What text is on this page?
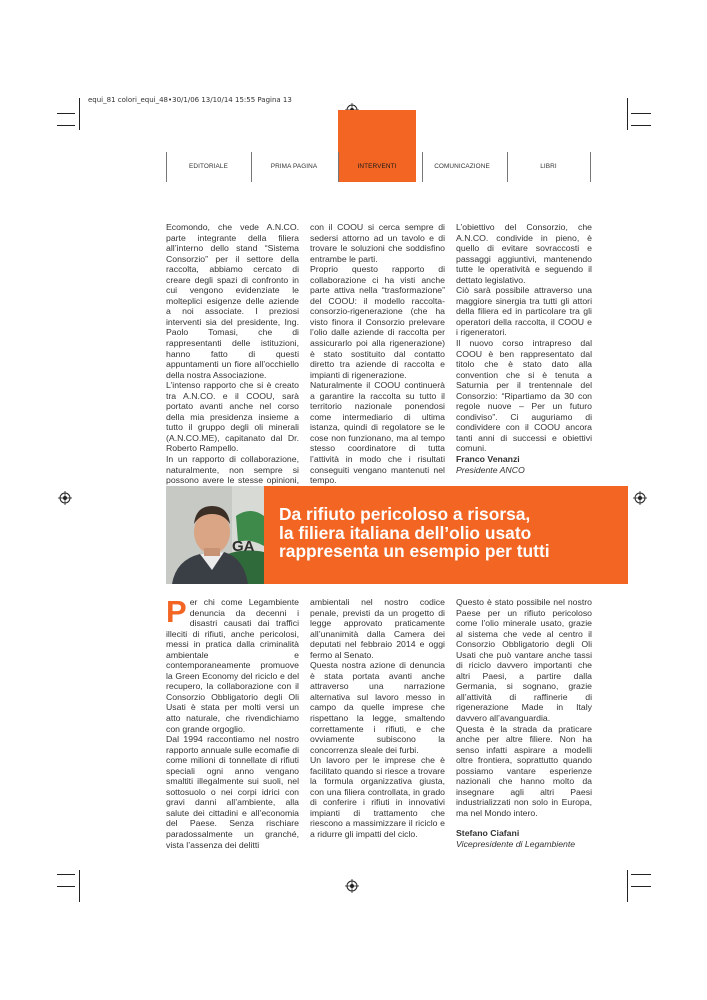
equi_81 colori_equi_48•30/1/06 13/10/14 15:55 Pagina 13
EDITORIALE	PRIMA PAGINA	INTERVENTI	COMUNICAZIONE	LIBRI

Ecomondo, che vede A.N.CO. parte integrante della filiera all’interno dello stand “Sistema Consorzio” per il settore della raccolta, abbiamo cercato di creare degli spazi di confronto in cui vengono evidenziate le molteplici esigenze delle aziende a noi associate. I preziosi interventi sia del presidente, Ing. Paolo Tomasi, che di rappresentanti delle istituzioni, hanno fatto di questi appuntamenti un fiore all’occhiello della nostra Associazione.

L’intenso rapporto che si è creato tra A.N.CO. e il COOU, sarà portato avanti anche nel corso della mia presidenza insieme a tutto il gruppo degli oli minerali (A.N.CO.ME), capitanato dal Dr. Roberto Rampello.

In un rapporto di collaborazione, naturalmente, non sempre si possono avere le stesse opinioni,

con il COOU si cerca sempre di sedersi attorno ad un tavolo e di trovare le soluzioni che soddisfino entrambe le parti.

Proprio questo rapporto di collaborazione ci ha visti anche parte attiva nella “trasformazione” del COOU: il modello raccolta-consorzio-rigenerazione (che ha visto finora il Consorzio prelevare l’olio dalle aziende di raccolta per assicurarlo poi alla rigenerazione) è stato sostituito dal contatto diretto tra aziende di raccolta e impianti di rigenerazione.

Naturalmente il COOU continuerà a garantire la raccolta su tutto il territorio nazionale ponendosi come intermediario di ultima istanza, quindi di regolatore se le cose non funzionano, ma al tempo stesso coordinatore di tutta l’attività in modo che i risultati conseguiti vengano mantenuti nel tempo.

L’obiettivo del Consorzio, che A.N.CO. condivide in pieno, è quello di evitare sovraccosti e passaggi aggiuntivi, mantenendo tutte le operatività e seguendo il dettato legislativo.

Ciò sarà possibile attraverso una maggiore sinergia tra tutti gli attori della filiera ed in particolare tra gli operatori della raccolta, il COOU e i rigeneratori.

Il nuovo corso intrapreso dal COOU è ben rappresentato dal titolo che è stato dato alla convention che si è tenuta a Saturnia per il trentennale del Consorzio: “Ripartiamo da 30 con regole nuove – Per un futuro condiviso”. Ci auguriamo di condividere con il COOU ancora tanti anni di successi e obiettivi comuni.

Franco Venanzi

Presidente ANCO

GA
Da rifiuto pericoloso a risorsa,
la filiera italiana dell’olio usato
rappresenta un esempio per tutti

Per chi come Legambiente denuncia da decenni i disastri causati dai traffici illeciti di rifiuti, anche pericolosi, messi in pratica dalla criminalità ambientale e contemporaneamente promuove la Green Economy del riciclo e del recupero, la collaborazione con il Consorzio Obbligatorio degli Oli Usati è stata per molti versi un atto naturale, che rivendichiamo con grande orgoglio.

Dal 1994 raccontiamo nel nostro rapporto annuale sulle ecomafie di come milioni di tonnellate di rifiuti speciali ogni anno vengano smaltiti illegalmente sui suoli, nel sottosuolo o nei corpi idrici con gravi danni all’ambiente, alla salute dei cittadini e all’economia del Paese. Senza rischiare paradossalmente un granché, vista l’assenza dei delitti

ambientali nel nostro codice penale, previsti da un progetto di legge approvato praticamente all’unanimità dalla Camera dei deputati nel febbraio 2014 e oggi fermo al Senato.

Questa nostra azione di denuncia è stata portata avanti anche attraverso una narrazione alternativa sul lavoro messo in campo da quelle imprese che rispettano la legge, smaltendo correttamente i rifiuti, e che ovviamente subiscono la concorrenza sleale dei furbi.

Un lavoro per le imprese che è facilitato quando si riesce a trovare la formula organizzativa giusta, con una filiera controllata, in grado di conferire i rifiuti in innovativi impianti di trattamento che riescono a massimizzare il riciclo e a ridurre gli impatti del ciclo.

Questo è stato possibile nel nostro Paese per un rifiuto pericoloso come l’olio minerale usato, grazie al sistema che vede al centro il Consorzio Obbligatorio degli Oli Usati che può vantare anche tassi di riciclo davvero importanti che altri Paesi, a partire dalla Germania, si sognano, grazie all’attività di raffinerie di rigenerazione Made in Italy davvero all’avanguardia.

Questa è la strada da praticare anche per altre filiere. Non ha senso infatti aspirare a modelli oltre frontiera, soprattutto quando possiamo vantare esperienze nazionali che hanno molto da insegnare agli altri Paesi industrializzati non solo in Europa, ma nel Mondo intero.

Stefano Ciafani

Vicepresidente di Legambiente
